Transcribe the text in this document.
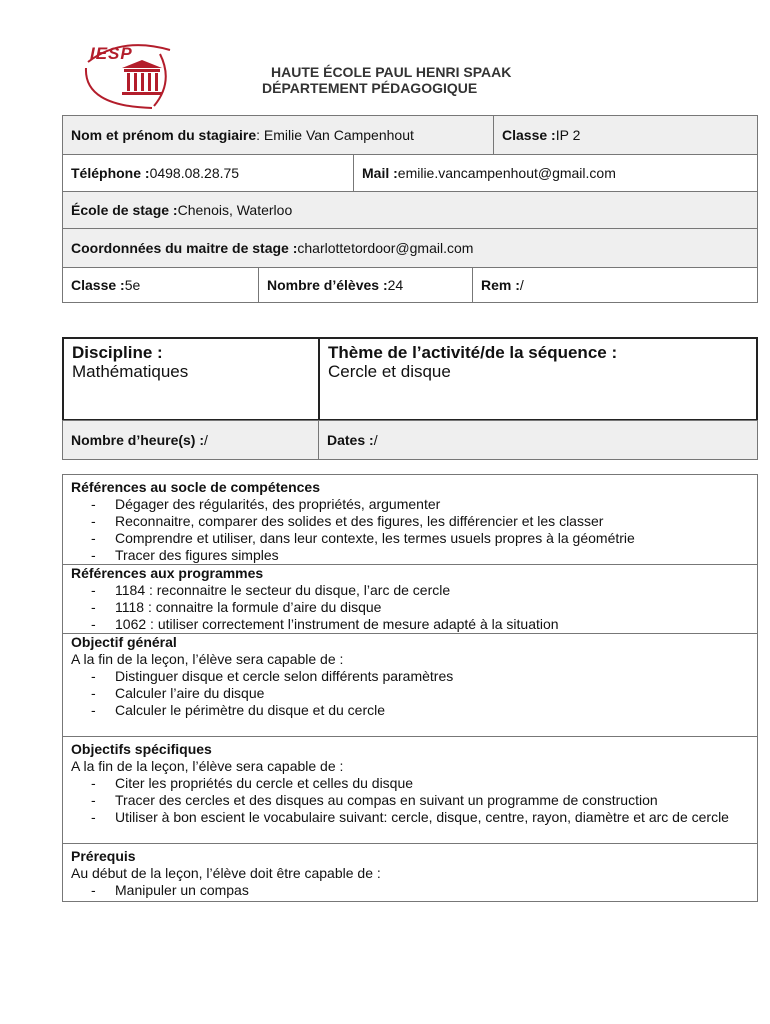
IESP
HAUTE ÉCOLE PAUL HENRI SPAAK
DÉPARTEMENT PÉDAGOGIQUE
Nom et prénom du stagiaire : Emilie Van Campenhout	Classe : IP 2
Téléphone : 0498.08.28.75	Mail : emilie.vancampenhout@gmail.com
École de stage : Chenois, Waterloo
Coordonnées du maitre de stage : charlottetordoor@gmail.com
Classe : 5e	Nombre d’élèves : 24	Rem : /
Discipline :
Mathématiques
Thème de l’activité/de la séquence :
Cercle et disque
Nombre d’heure(s) : /	Dates : /
Références au socle de compétences
- Dégager des régularités, des propriétés, argumenter
- Reconnaitre, comparer des solides et des figures, les différencier et les classer
- Comprendre et utiliser, dans leur contexte, les termes usuels propres à la géométrie
- Tracer des figures simples
Références aux programmes
- 1184 : reconnaitre le secteur du disque, l’arc de cercle
- 1118 : connaitre la formule d’aire du disque
- 1062 : utiliser correctement l’instrument de mesure adapté à la situation
Objectif général
A la fin de la leçon, l’élève sera capable de :
- Distinguer disque et cercle selon différents paramètres
- Calculer l’aire du disque
- Calculer le périmètre du disque et du cercle
Objectifs spécifiques
A la fin de la leçon, l’élève sera capable de :
- Citer les propriétés du cercle et celles du disque
- Tracer des cercles et des disques au compas en suivant un programme de construction
- Utiliser à bon escient le vocabulaire suivant: cercle, disque, centre, rayon, diamètre et arc de cercle
Prérequis
Au début de la leçon, l’élève doit être capable de :
- Manipuler un compas
